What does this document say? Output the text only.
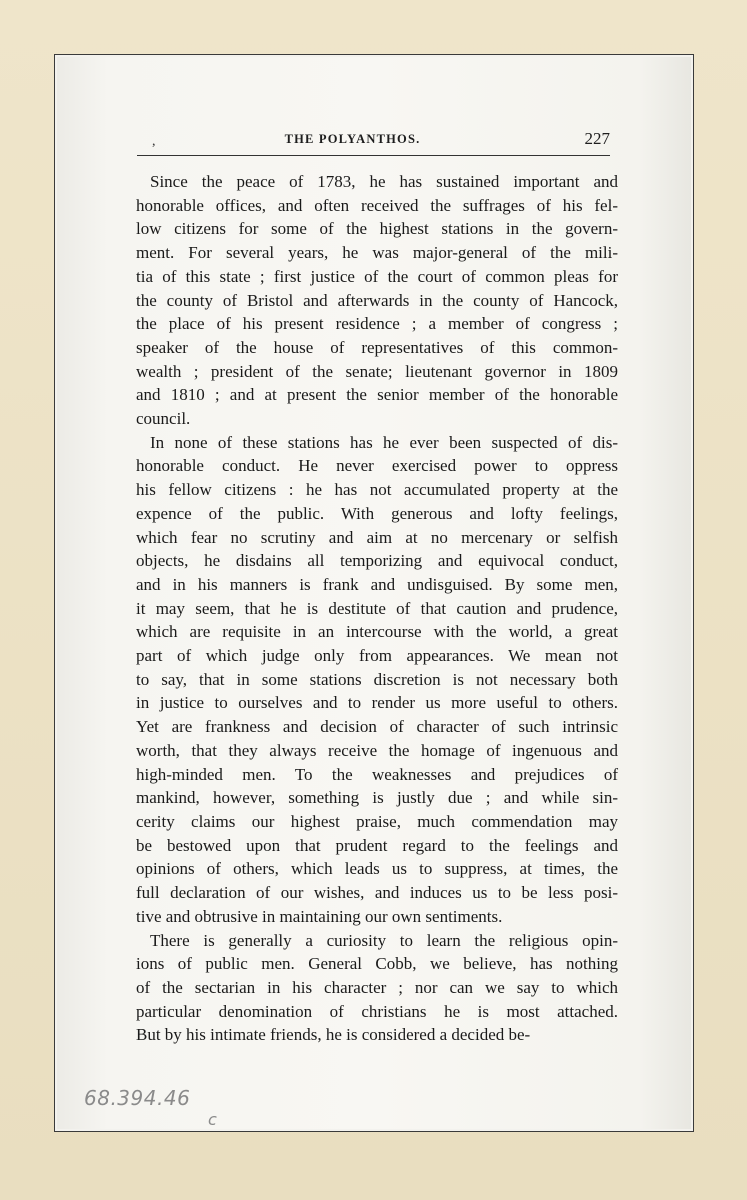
,	THE POLYANTHOS.	227
Since the peace of 1783, he has sustained important and
honorable offices, and often received the suffrages of his fel-
low citizens for some of the highest stations in the govern-
ment. For several years, he was major-general of the mili-
tia of this state ; first justice of the court of common pleas for
the county of Bristol and afterwards in the county of Hancock,
the place of his present residence ; a member of congress ;
speaker of the house of representatives of this common-
wealth ; president of the senate; lieutenant governor in 1809
and 1810 ; and at present the senior member of the honorable
council.
In none of these stations has he ever been suspected of dis-
honorable conduct. He never exercised power to oppress
his fellow citizens : he has not accumulated property at the
expence of the public. With generous and lofty feelings,
which fear no scrutiny and aim at no mercenary or selfish
objects, he disdains all temporizing and equivocal conduct,
and in his manners is frank and undisguised. By some men,
it may seem, that he is destitute of that caution and prudence,
which are requisite in an intercourse with the world, a great
part of which judge only from appearances. We mean not
to say, that in some stations discretion is not necessary both
in justice to ourselves and to render us more useful to others.
Yet are frankness and decision of character of such intrinsic
worth, that they always receive the homage of ingenuous and
high-minded men. To the weaknesses and prejudices of
mankind, however, something is justly due ; and while sin-
cerity claims our highest praise, much commendation may
be bestowed upon that prudent regard to the feelings and
opinions of others, which leads us to suppress, at times, the
full declaration of our wishes, and induces us to be less posi-
tive and obtrusive in maintaining our own sentiments.
There is generally a curiosity to learn the religious opin-
ions of public men. General Cobb, we believe, has nothing
of the sectarian in his character ; nor can we say to which
particular denomination of christians he is most attached.
But by his intimate friends, he is considered a decided be-
68.394.46
c
